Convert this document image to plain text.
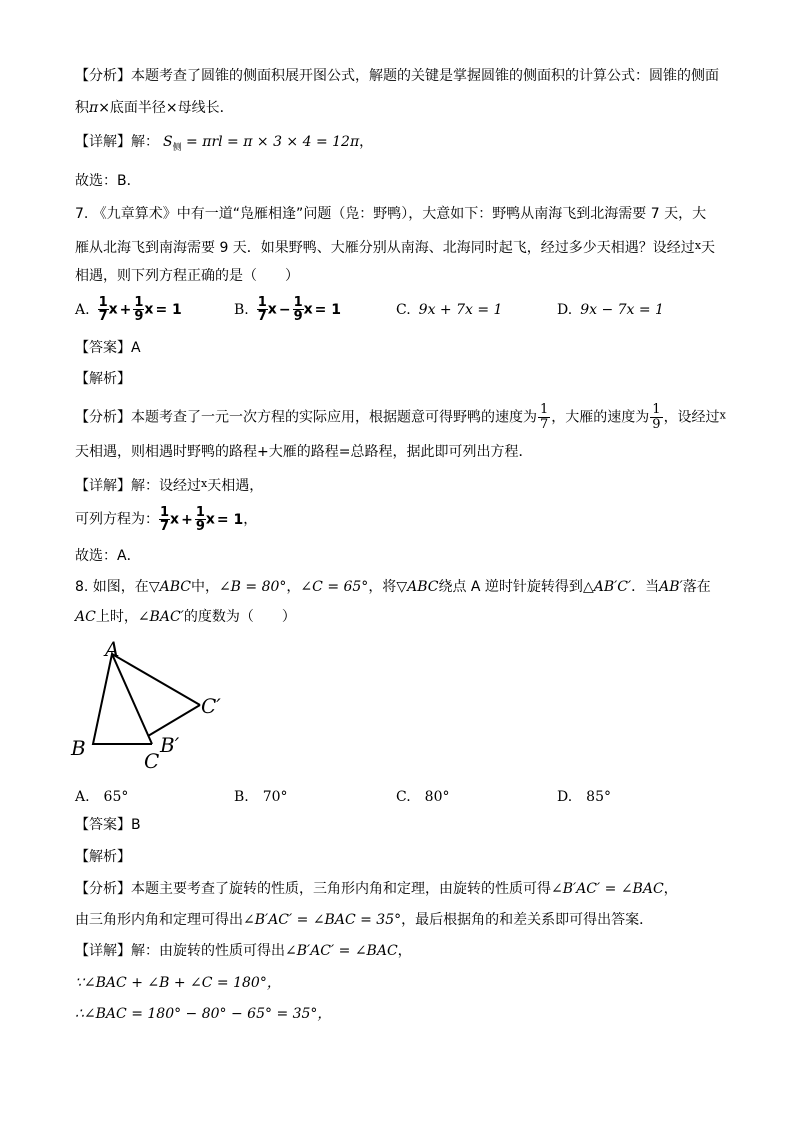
【分析】本题考查了圆锥的侧面积展开图公式，解题的关键是掌握圆锥的侧面积的计算公式：圆锥的侧面
积π×底面半径×母线长．
【详解】解： $S_侧 = \pi rl = \pi \times 3 \times 4 = 12\pi$，
故选：B．
7. 《九章算术》中有一道“凫雁相逢”问题（凫：野鸭），大意如下：野鸭从南海飞到北海需要 7 天，大
雁从北海飞到南海需要 9 天．如果野鸭、大雁分别从南海、北海同时起飞，经过多少天相遇？设经过$^x$天
相遇，则下列方程正确的是（　　）
A. $\frac{1}{7}$ $x + \frac{1}{9}$ x = 1	B. $\frac{1}{7}$ $x - \frac{1}{9}$ x = 1	C. 9x + 7x = 1	D. 9x − 7x = 1
【答案】A
【解析】
【分析】本题考查了一元一次方程的实际应用，根据题意可得野鸭的速度为 $\frac{1}{7}$ ，大雁的速度为 $\frac{1}{9}$ ，设经过$^x$
天相遇，则相遇时野鸭的路程+大雁的路程=总路程，据此即可列出方程．
【详解】解：设经过$^x$天相遇，
可列方程为： $\frac{1}{7}$ $x + \frac{1}{9}$ x = 1，
故选：A．
8. 如图，在▽ABC中，∠B = 80°，∠C = 65°，将▽ABC绕点 A 逆时针旋转得到△AB′C′．当AB′落在
AC上时，∠BAC′的度数为（　　）
A
B
C
B′
C′
A.　65°	B.　70°	C.　80°	D.　85°
【答案】B
【解析】
【分析】本题主要考查了旋转的性质，三角形内角和定理，由旋转的性质可得∠B′AC′ = ∠BAC，
由三角形内角和定理可得出∠B′AC′ = ∠BAC = 35°，最后根据角的和差关系即可得出答案．
【详解】解：由旋转的性质可得出∠B′AC′ = ∠BAC，
∵∠BAC + ∠B + ∠C = 180°，
∴∠BAC = 180° − 80° − 65° = 35°，
